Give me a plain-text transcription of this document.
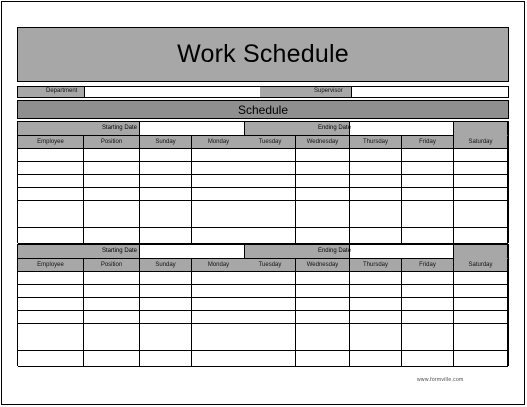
Work Schedule
Department	Supervisor
Schedule
Starting Date	Ending Date
Employee	Position	Sunday	Monday	Tuesday	Wednesday	Thursday	Friday	Saturday
Starting Date	Ending Date
Employee	Position	Sunday	Monday	Tuesday	Wednesday	Thursday	Friday	Saturday
www.formville.com
